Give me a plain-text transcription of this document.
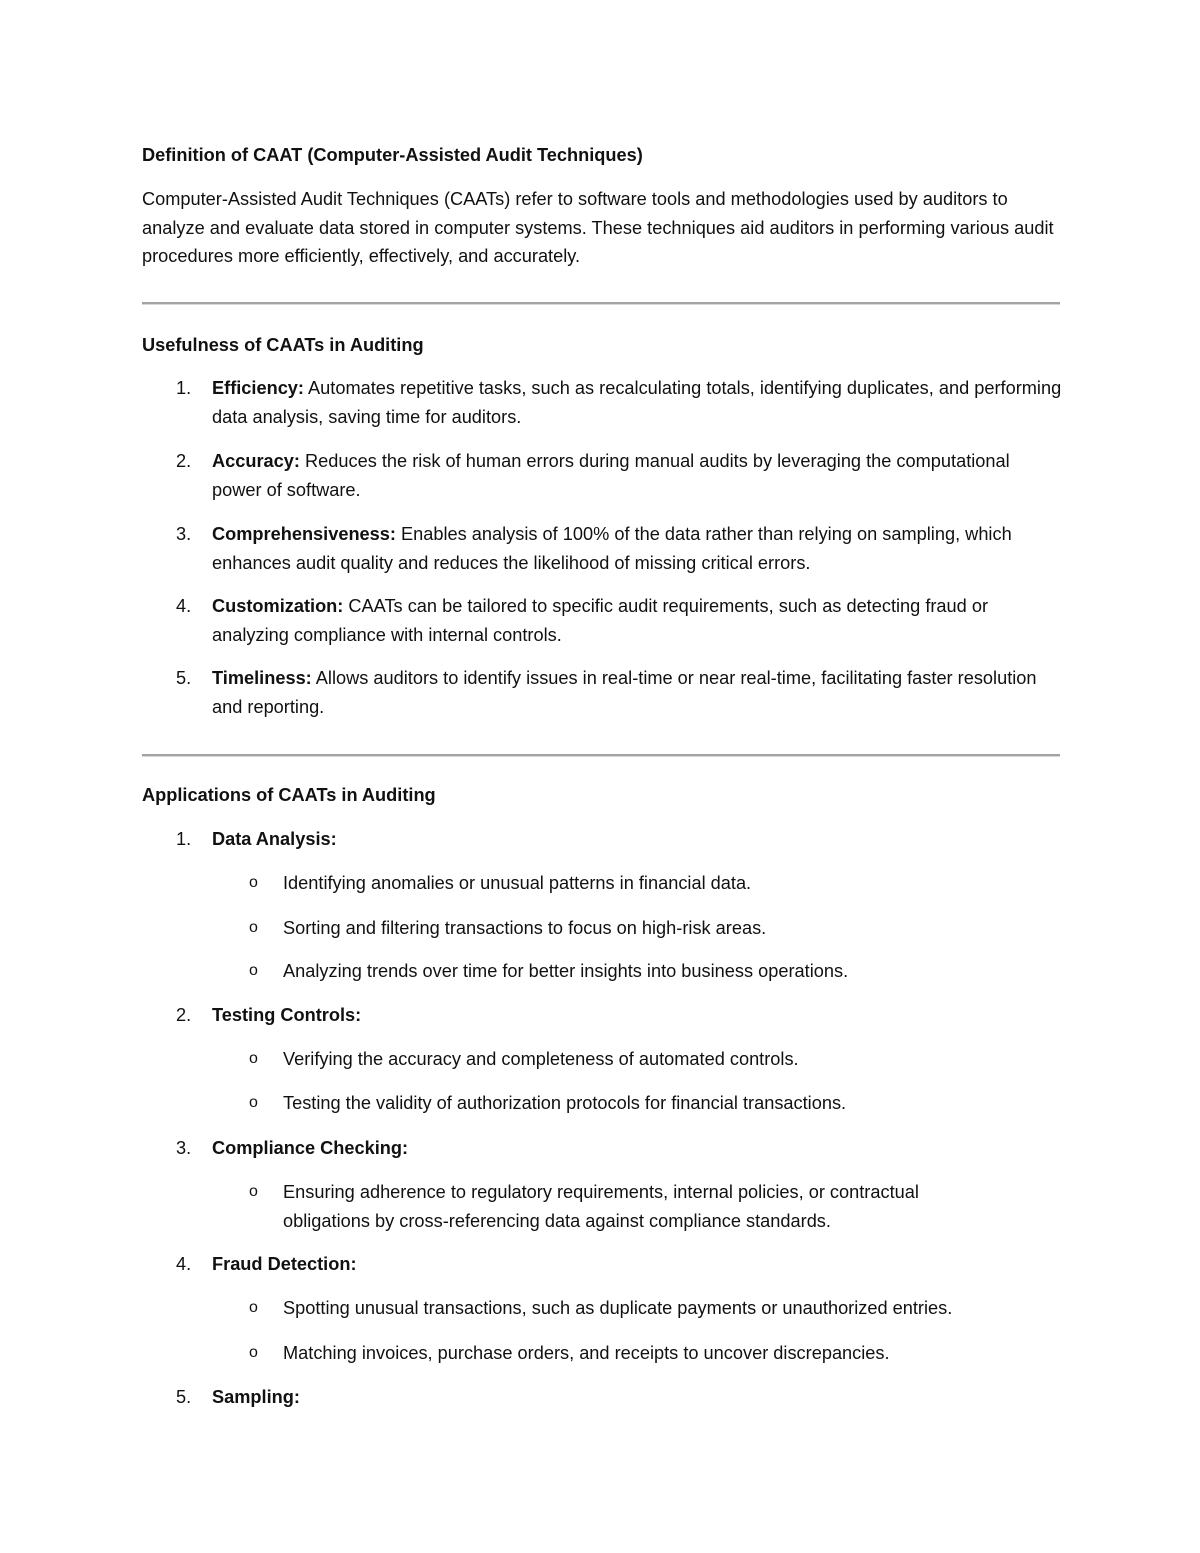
Definition of CAAT (Computer-Assisted Audit Techniques)

Computer-Assisted Audit Techniques (CAATs) refer to software tools and methodologies used by auditors to analyze and evaluate data stored in computer systems. These techniques aid auditors in performing various audit procedures more efficiently, effectively, and accurately.

Usefulness of CAATs in Auditing

1. Efficiency: Automates repetitive tasks, such as recalculating totals, identifying duplicates, and performing data analysis, saving time for auditors.
2. Accuracy: Reduces the risk of human errors during manual audits by leveraging the computational power of software.
3. Comprehensiveness: Enables analysis of 100% of the data rather than relying on sampling, which enhances audit quality and reduces the likelihood of missing critical errors.
4. Customization: CAATs can be tailored to specific audit requirements, such as detecting fraud or analyzing compliance with internal controls.
5. Timeliness: Allows auditors to identify issues in real-time or near real-time, facilitating faster resolution and reporting.

Applications of CAATs in Auditing

1. Data Analysis:
o Identifying anomalies or unusual patterns in financial data.
o Sorting and filtering transactions to focus on high-risk areas.
o Analyzing trends over time for better insights into business operations.
2. Testing Controls:
o Verifying the accuracy and completeness of automated controls.
o Testing the validity of authorization protocols for financial transactions.
3. Compliance Checking:
o Ensuring adherence to regulatory requirements, internal policies, or contractual obligations by cross-referencing data against compliance standards.
4. Fraud Detection:
o Spotting unusual transactions, such as duplicate payments or unauthorized entries.
o Matching invoices, purchase orders, and receipts to uncover discrepancies.
5. Sampling:
